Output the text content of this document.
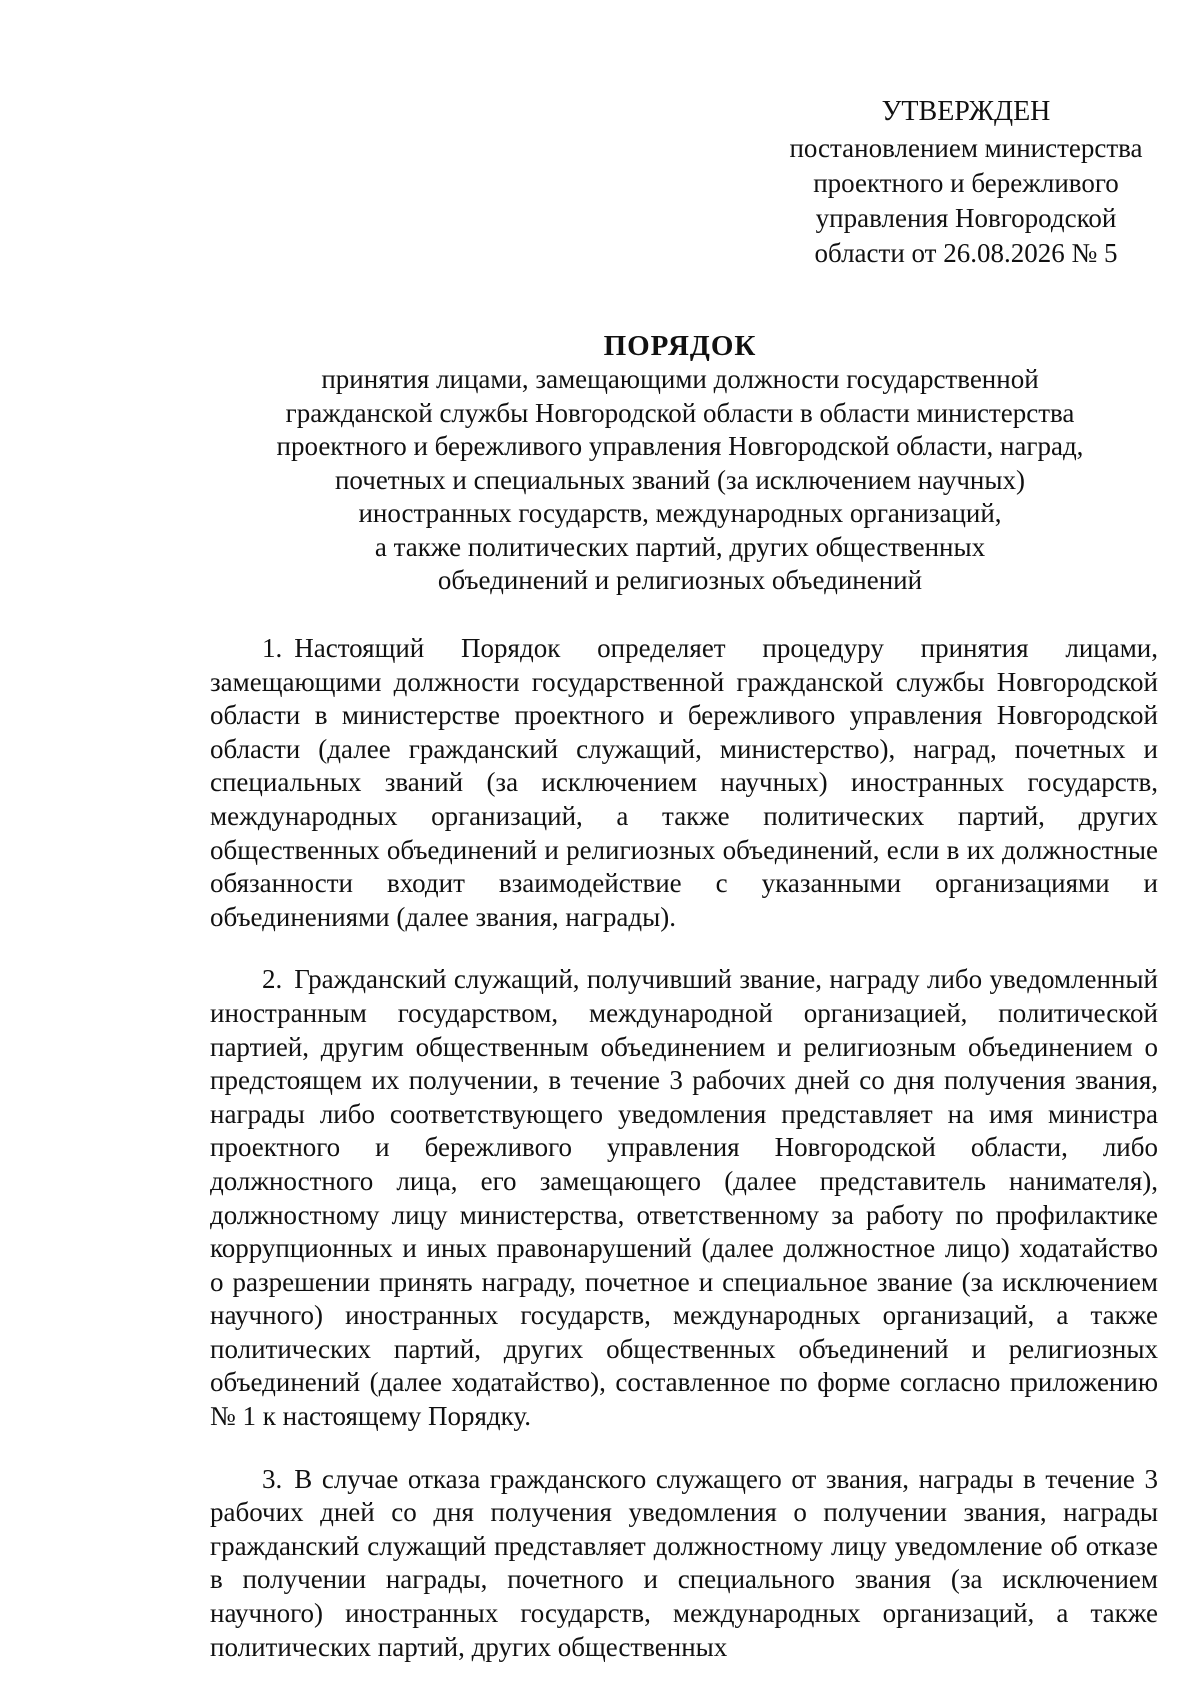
УТВЕРЖДЕН
постановлением министерства
проектного и бережливого
управления Новгородской
области от 26.08.2026 № 5
ПОРЯДОК
принятия лицами, замещающими должности государственной
гражданской службы Новгородской области в области министерства
проектного и бережливого управления Новгородской области, наград,
почетных и специальных званий (за исключением научных)
иностранных государств, международных организаций,
а также политических партий, других общественных
объединений и религиозных объединений

1. Настоящий Порядок определяет процедуру принятия лицами, замещающими должности государственной гражданской службы Новгородской области в министерстве проектного и бережливого управления Новгородской области (далее гражданский служащий, министерство), наград, почетных и специальных званий (за исключением научных) иностранных государств, международных организаций, а также политических партий, других общественных объединений и религиозных объединений, если в их должностные обязанности входит взаимодействие с указанными организациями и объединениями (далее звания, награды).

2. Гражданский служащий, получивший звание, награду либо уведомленный иностранным государством, международной организацией, политической партией, другим общественным объединением и религиозным объединением о предстоящем их получении, в течение 3 рабочих дней со дня получения звания, награды либо соответствующего уведомления представляет на имя министра проектного и бережливого управления Новгородской области, либо должностного лица, его замещающего (далее представитель нанимателя), должностному лицу министерства, ответственному за работу по профилактике коррупционных и иных правонарушений (далее должностное лицо) ходатайство о разрешении принять награду, почетное и специальное звание (за исключением научного) иностранных государств, международных организаций, а также политических партий, других общественных объединений и религиозных объединений (далее ходатайство), составленное по форме согласно приложению № 1 к настоящему Порядку.

3. В случае отказа гражданского служащего от звания, награды в течение 3 рабочих дней со дня получения уведомления о получении звания, награды гражданский служащий представляет должностному лицу уведомление об отказе в получении награды, почетного и специального звания (за исключением научного) иностранных государств, международных организаций, а также политических партий, других общественных
